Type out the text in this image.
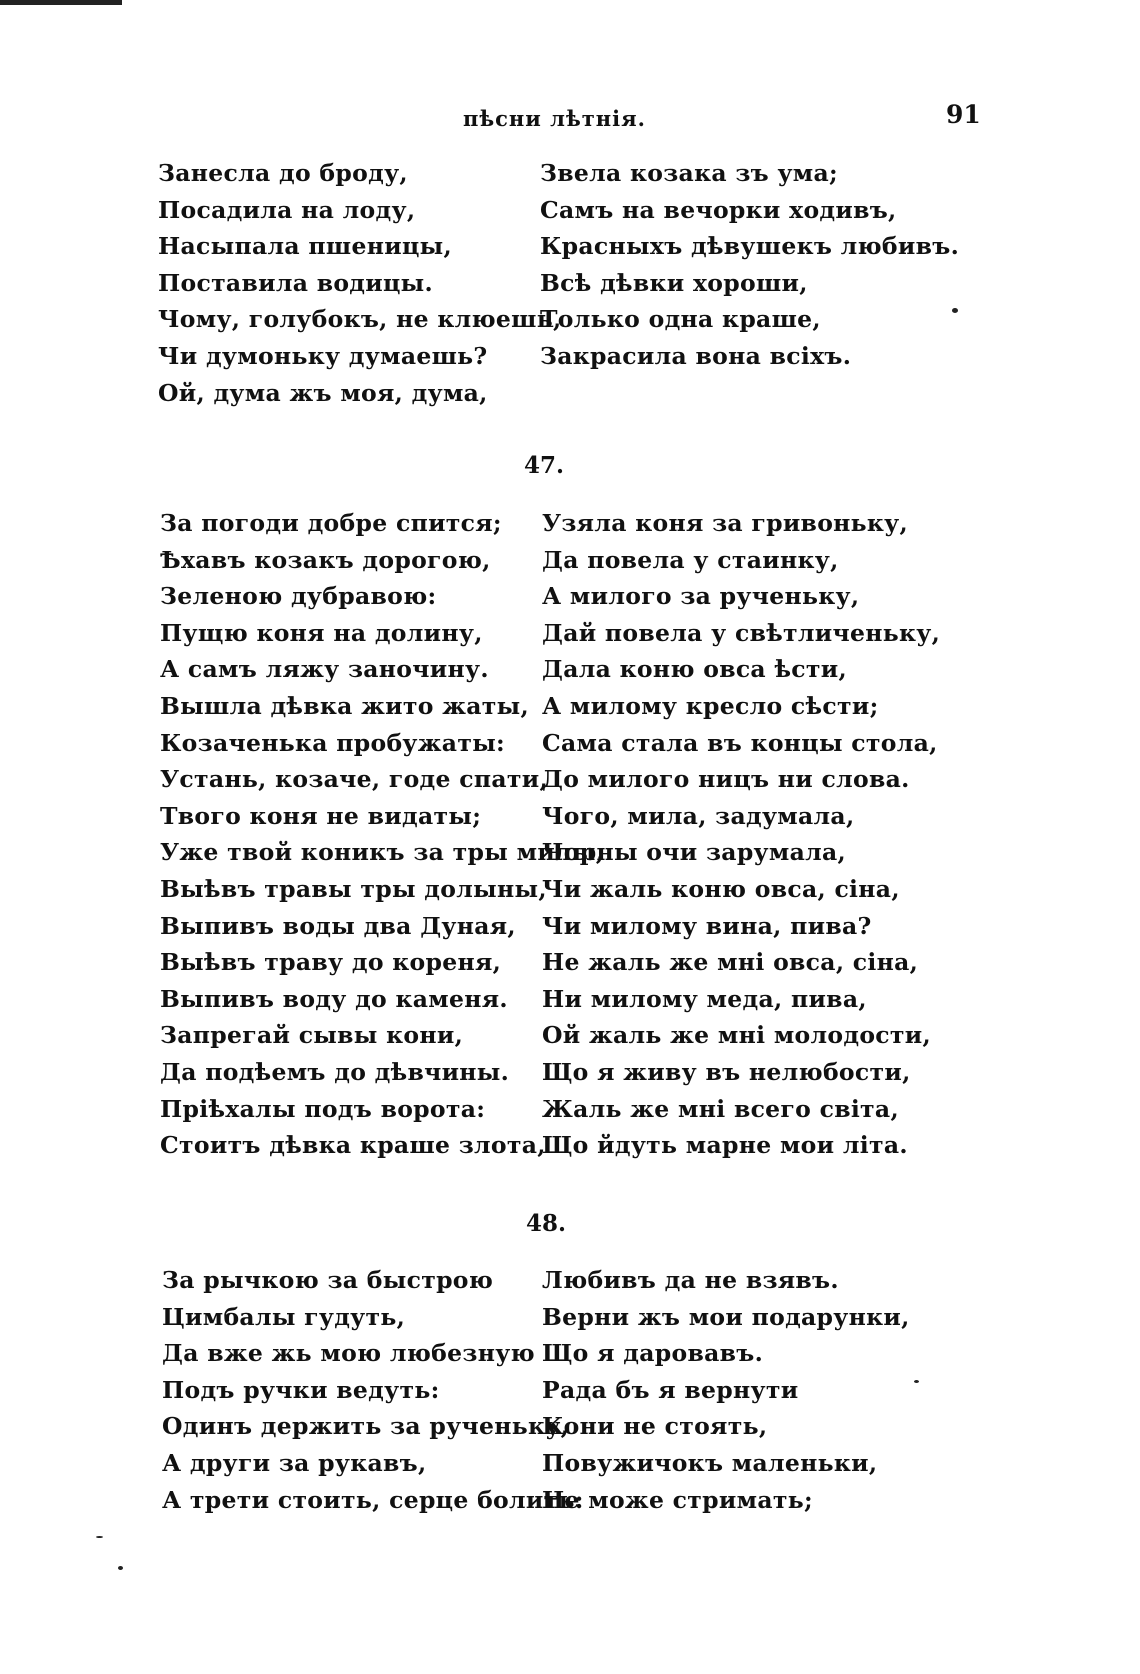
пѣсни лѣтнія.	91
Занесла до броду,
Посадила на лоду,
Насыпала пшеницы,
Поставила водицы.
Чому, голубокъ, не клюешь,
Чи думоньку думаешь?
Ой, дума жъ моя, дума,
Звела козака зъ ума;
Самъ на вечорки ходивъ,
Красныхъ дѣвушекъ любивъ.
Всѣ дѣвки хороши,
Только одна краше,
Закрасила вона всіхъ.
47.
За погоди добре спится;
Ѣхавъ козакъ дорогою,
Зеленою дубравою:
Пущю коня на долину,
А самъ ляжу заночину.
Вышла дѣвка жито жаты,
Козаченька пробужаты:
Устань, козаче, годе спати,
Твого коня не видаты;
Уже твой коникъ за тры милы,
Выѣвъ травы тры долыны,
Выпивъ воды два Дуная,
Выѣвъ траву до кореня,
Выпивъ воду до каменя.
Запрегай сывы кони,
Да подѣемъ до дѣвчины.
Пріѣхалы подъ ворота:
Стоитъ дѣвка краше злота,
Узяла коня за гривоньку,
Да повела у стаинку,
А милого за рученьку,
Дай повела у свѣтличеньку,
Дала коню овса ѣсти,
А милому кресло сѣсти;
Сама стала въ концы стола,
До милого ницъ ни слова.
Чого, мила, задумала,
Чорны очи зарумала,
Чи жаль коню овса, сіна,
Чи милому вина, пива?
Не жаль же мні овса, сіна,
Ни милому меда, пива,
Ой жаль же мні молодости,
Що я живу въ нелюбости,
Жаль же мні всего світа,
Що йдуть марне мои літа.
48.
За рычкою за быстрою
Цимбалы гудуть,
Да вже жь мою любезную
Подъ ручки ведуть:
Одинъ держить за рученьку,
А други за рукавъ,
А трети стоить, серце болить:
Любивъ да не взявъ.
Верни жъ мои подарунки,
Що я даровавъ.
Рада бъ я вернути
Кони не стоять,
Повужичокъ маленьки,
Не може стримать;
